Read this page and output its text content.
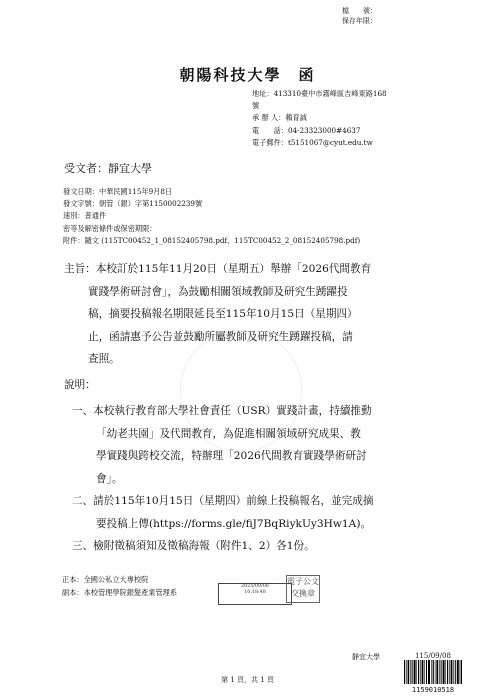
檔　　號：
保存年限：
朝陽科技大學　函
地址：413310臺中市霧峰區吉峰東路168
號
承 辦 人：賴育誠
電　　話：04-23323000#4637
電子郵件：t5151067@cyut.edu.tw
受文者：靜宜大學
發文日期：中華民國115年9月8日
發文字號：朝管（銀）字第1150002239號
速別：普通件
密等及解密條件或保密期限：
附件：隨文 (115TC00452_1_08152405798.pdf、115TC00452_2_08152405798.pdf)
主旨：本校訂於115年11月20日（星期五）舉辦「2026代間教育
實踐學術研討會」，為鼓勵相關領域教師及研究生踴躍投
稿，摘要投稿報名期限延長至115年10月15日（星期四）
止，函請惠予公告並鼓勵所屬教師及研究生踴躍投稿，請
查照。
說明：
一、本校執行教育部大學社會責任（USR）實踐計畫，持續推動
「幼老共園」及代間教育，為促進相關領域研究成果、教
學實踐與跨校交流，特辦理「2026代間教育實踐學術研討
會」。
二、請於115年10月15日（星期四）前線上投稿報名，並完成摘
要投稿上傳(https://forms.gle/fiJ7BqRiykUy3Hw1A)。
三、檢附徵稿須知及徵稿海報（附件1、2）各1份。
正本：全國公私立大專校院
副本：本校管理學院銀髮產業管理系
2025/09/08
10:18:48
電子公文
交換章
靜宜大學	115/09/08
1159010518
第 1 頁，共 1 頁
